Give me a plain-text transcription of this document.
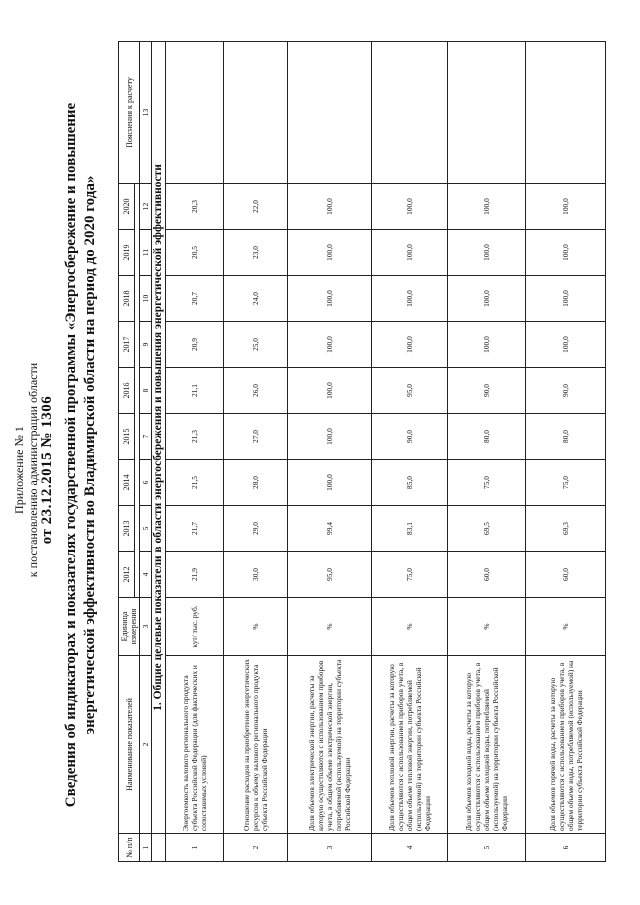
Приложение № 1 к постановлению администрации области от 23.12.2015 № 1306 Сведения об индикаторах и показателях государственной программы «Энергосбережение и повышение энергетической эффективности во Владимирской области на период до 2020 года»
№ п/п	Наименование показателей	Единица измерения	2012	2013	2014	2015	2016	2017	2018	2019	2020	Пояснения к расчету

1	2	3	4	5	6	7	8	9	10	11	12	13
	1. Общие целевые показатели в области энергосбережения и повышения энергетической эффективности											
1	Энергоемкость валового регионального продукта субъекта Российской Федерации (для фактических и сопоставимых условий)	кут/ тыс. руб.	21,9	21,7	21,5	21,3	21,1	20,9	20,7	20,5	20,3	
2	Отношение расходов на приобретение энергетических ресурсов к объему валового регионального продукта субъекта Российской Федерации	%	30,0	29,0	28,0	27,0	26,0	25,0	24,0	23,0	22,0	
3	Доля объемов электрической энергии, расчеты за которую осуществляются с использованием приборов учета, в общем объеме электрической энергии, потребляемой (используемой) на территории субъекта Российской Федерации	%	95,0	99,4	100,0	100,0	100,0	100,0	100,0	100,0	100,0	
4	Доля объемов тепловой энергии, расчеты за которую осуществляются с использованием приборов учета, в общем объеме тепловой энергии, потребляемой (используемой) на территории субъекта Российской Федерации	%	75,0	83,1	85,0	90,0	95,0	100,0	100,0	100,0	100,0	
5	Доля объемов холодной воды, расчеты за которую осуществляются с использованием приборов учета, в общем объеме холодной воды, потребляемой (используемой) на территории субъекта Российской Федерации	%	60,0	69,5	75,0	80,0	90,0	100,0	100,0	100,0	100,0	
6	Доля объемов горячей воды, расчеты за которую осуществляются с использованием приборов учета, в общем объеме воды, потребляемой (используемой) на территории субъекта Российской Федерации	%	60,0	69,3	75,0	80,0	90,0	100,0	100,0	100,0	100,0	
